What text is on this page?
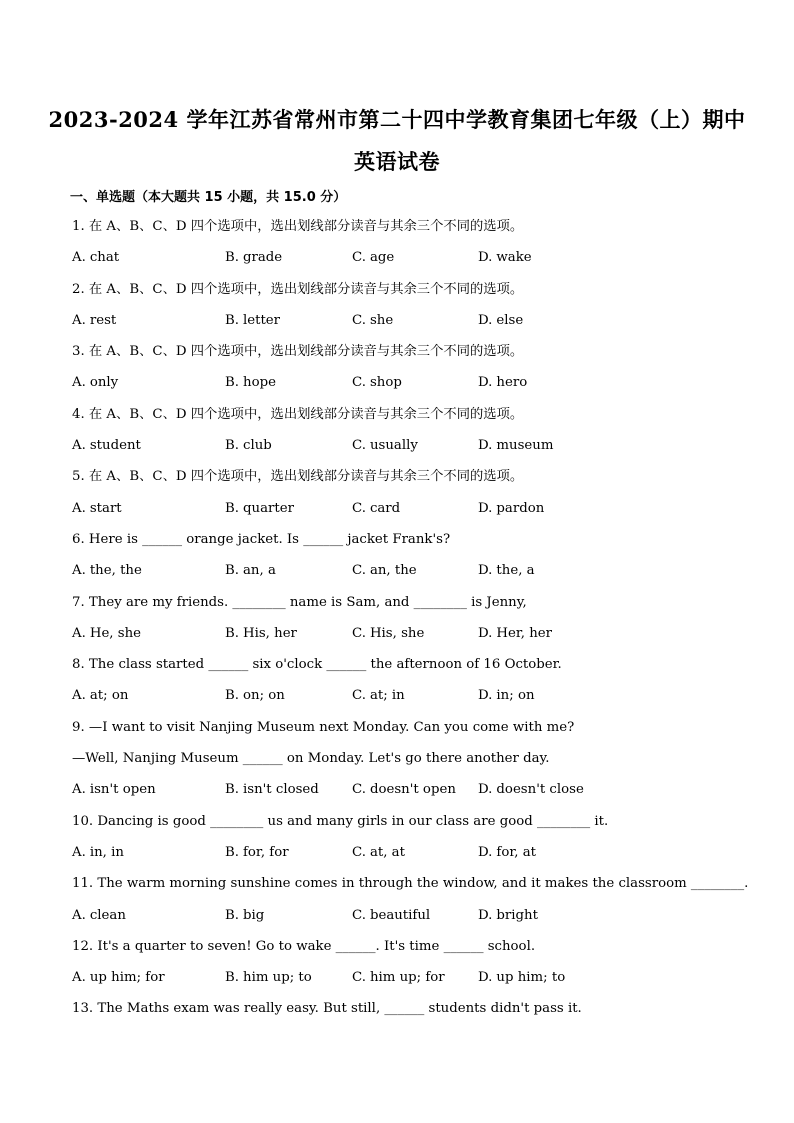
2023-2024 学年江苏省常州市第二十四中学教育集团七年级（上）期中
英语试卷
一、单选题（本大题共 15 小题，共 15.0 分）
1. 在 A、B、C、D 四个选项中，选出划线部分读音与其余三个不同的选项。
A. chat	B. grade	C. age	D. wake
2. 在 A、B、C、D 四个选项中，选出划线部分读音与其余三个不同的选项。
A. rest	B. letter	C. she	D. else
3. 在 A、B、C、D 四个选项中，选出划线部分读音与其余三个不同的选项。
A. only	B. hope	C. shop	D. hero
4. 在 A、B、C、D 四个选项中，选出划线部分读音与其余三个不同的选项。
A. student	B. club	C. usually	D. museum
5. 在 A、B、C、D 四个选项中，选出划线部分读音与其余三个不同的选项。
A. start	B. quarter	C. card	D. pardon
6. Here is ______ orange jacket. Is ______ jacket Frank's?
A. the, the	B. an, a	C. an, the	D. the, a
7. They are my friends. ________ name is Sam, and ________ is Jenny,
A. He, she	B. His, her	C. His, she	D. Her, her
8. The class started ______ six o'clock ______ the afternoon of 16 October.
A. at; on	B. on; on	C. at; in	D. in; on
9. —I want to visit Nanjing Museum next Monday. Can you come with me?
—Well, Nanjing Museum ______ on Monday. Let's go there another day.
A. isn't open	B. isn't closed	C. doesn't open	D. doesn't close
10. Dancing is good ________ us and many girls in our class are good ________ it.
A. in, in	B. for, for	C. at, at	D. for, at
11. The warm morning sunshine comes in through the window, and it makes the classroom ________.
A. clean	B. big	C. beautiful	D. bright
12. It's a quarter to seven! Go to wake ______. It's time ______ school.
A. up him; for	B. him up; to	C. him up; for	D. up him; to
13. The Maths exam was really easy. But still, ______ students didn't pass it.
